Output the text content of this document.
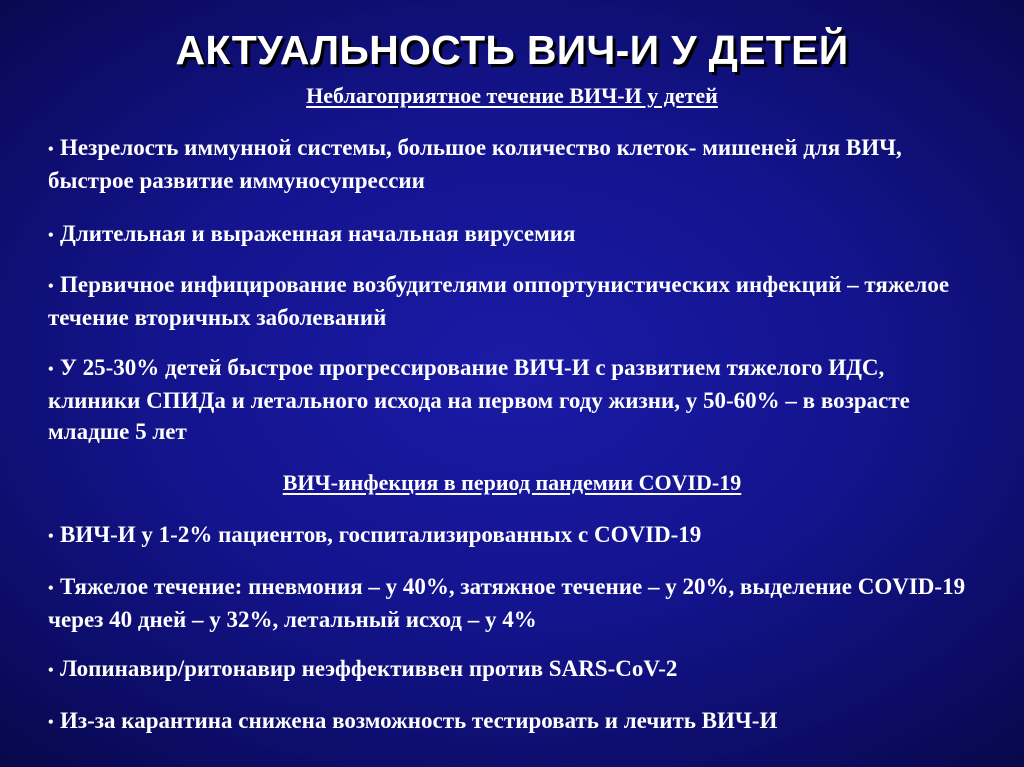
АКТУАЛЬНОСТЬ ВИЧ-И У ДЕТЕЙ
Неблагоприятное течение ВИЧ-И у детей
• Незрелость иммунной системы, большое количество клеток- мишеней для ВИЧ, быстрое развитие иммуносупрессии
• Длительная и выраженная начальная вирусемия
• Первичное инфицирование возбудителями оппортунистических инфекций – тяжелое течение вторичных заболеваний
• У 25-30% детей быстрое прогрессирование ВИЧ-И с развитием тяжелого ИДС, клиники СПИДа и летального исхода на первом году жизни, у 50-60% – в возрасте младше 5 лет
ВИЧ-инфекция в период пандемии COVID-19
• ВИЧ-И у 1-2% пациентов, госпитализированных с COVID-19
• Тяжелое течение: пневмония – у 40%, затяжное течение – у 20%, выделение COVID-19 через 40 дней – у 32%, летальный исход – у 4%
• Лопинавир/ритонавир неэффективвен против SARS-CoV-2
• Из-за карантина снижена возможность тестировать и лечить ВИЧ-И
